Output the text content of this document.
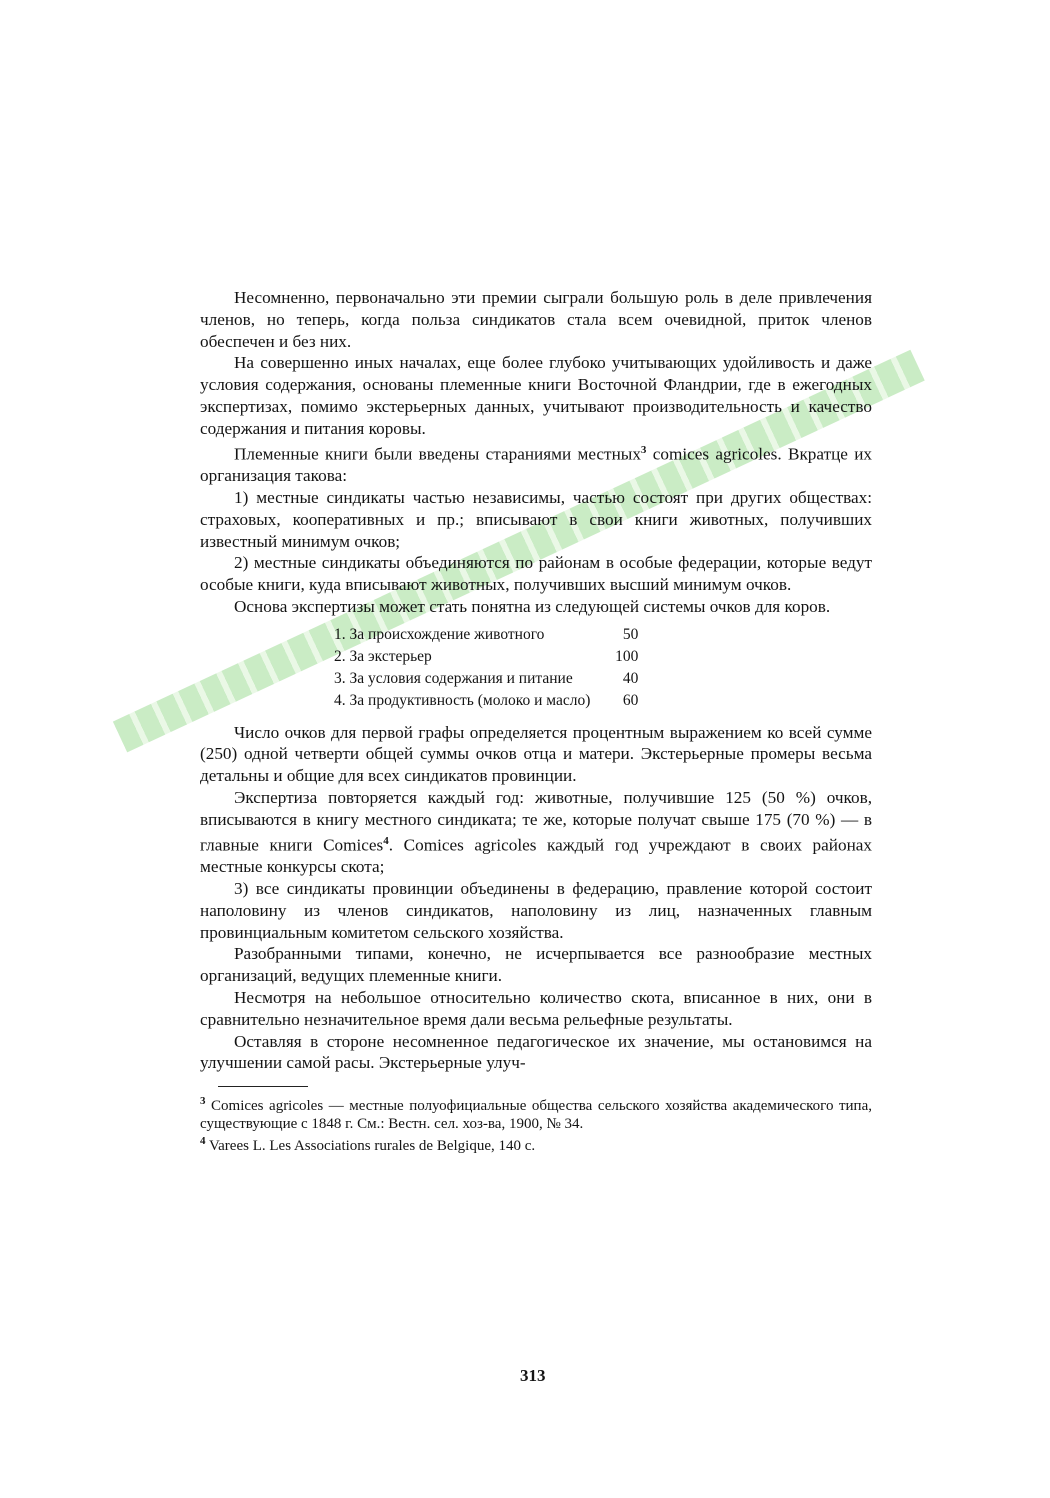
Несомненно, первоначально эти премии сыграли большую роль в деле привлечения членов, но теперь, когда польза синдикатов стала всем очевидной, приток членов обеспечен и без них.

На совершенно иных началах, еще более глубоко учитывающих удойливость и даже условия содержания, основаны племенные книги Восточной Фландрии, где в ежегодных экспертизах, помимо экстерьерных данных, учитывают производительность и качество содержания и питания коровы.

Племенные книги были введены стараниями местных$^3$ comices agricoles. Вкратце их организация такова:

1) местные синдикаты частью независимы, частью состоят при других обществах: страховых, кооперативных и пр.; вписывают в свои книги животных, получивших известный минимум очков;

2) местные синдикаты объединяются по районам в особые федерации, которые ведут особые книги, куда вписывают животных, получивших высший минимум очков.

Основа экспертизы может стать понятна из следующей системы очков для коров.

1. За происхождение животного	50
2. За экстерьер	100
3. За условия содержания и питание	40
4. За продуктивность (молоко и масло)	60

Число очков для первой графы определяется процентным выражением ко всей сумме (250) одной четверти общей суммы очков отца и матери. Экстерьерные промеры весьма детальны и общие для всех синдикатов провинции.

Экспертиза повторяется каждый год: животные, получившие 125 (50 %) очков, вписываются в книгу местного синдиката; те же, которые получат свыше 175 (70 %) — в главные книги Comices$^4$. Comices agricoles каждый год учреждают в своих районах местные конкурсы скота;

3) все синдикаты провинции объединены в федерацию, правление которой состоит наполовину из членов синдикатов, наполовину из лиц, назначенных главным провинциальным комитетом сельского хозяйства.

Разобранными типами, конечно, не исчерпывается все разнообразие местных организаций, ведущих племенные книги.

Несмотря на небольшое относительно количество скота, вписанное в них, они в сравнительно незначительное время дали весьма рельефные результаты.

Оставляя в стороне несомненное педагогическое их значение, мы остановимся на улучшении самой расы. Экстерьерные улуч-

$^3$ Comices agricoles — местные полуофициальные общества сельского хозяйства академического типа, существующие с 1848 г. См.: Вестн. сел. хоз-ва, 1900, № 34.

$^4$ Varees L. Les Associations rurales de Belgique, 140 с.

313
